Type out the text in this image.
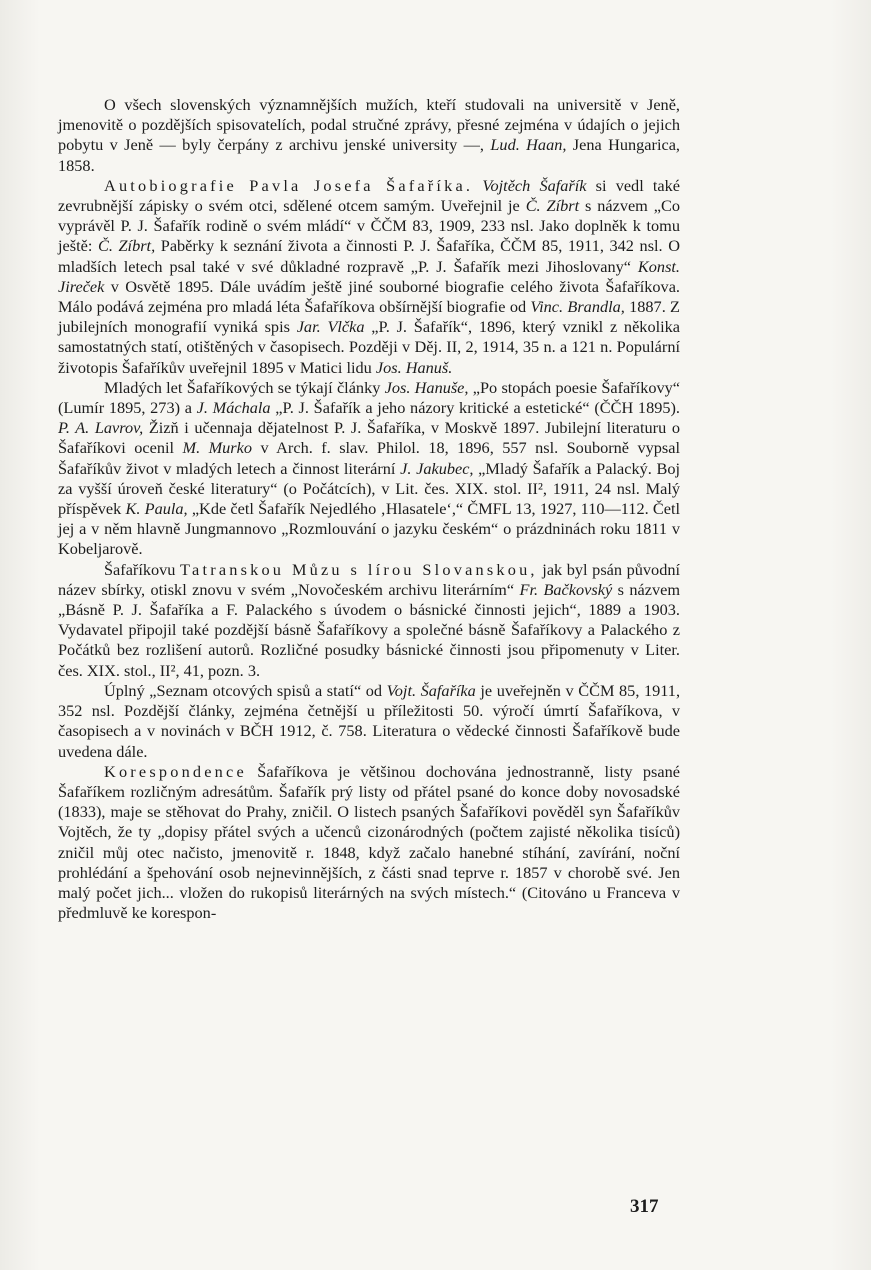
O všech slovenských významnějších mužích, kteří studovali na universitě v Jeně, jmenovitě o pozdějších spisovatelích, podal stručné zprávy, přesné zejména v údajích o jejich pobytu v Jeně — byly čerpány z archivu jenské university —, Lud. Haan, Jena Hungarica, 1858.

Autobiografie Pavla Josefa Šafaříka. Vojtěch Šafařík si vedl také zevrubnější zápisky o svém otci, sdělené otcem samým. Uveřejnil je Č. Zíbrt s názvem „Co vyprávěl P. J. Šafařík rodině o svém mládí“ v ČČM 83, 1909, 233 nsl. Jako doplněk k tomu ještě: Č. Zíbrt, Paběrky k seznání života a činnosti P. J. Šafaříka, ČČM 85, 1911, 342 nsl. O mladších letech psal také v své důkladné rozpravě „P. J. Šafařík mezi Jihoslovany“ Konst. Jireček v Osvětě 1895. Dále uvádím ještě jiné souborné biografie celého života Šafaříkova. Málo podává zejména pro mladá léta Šafaříkova obšírnější biografie od Vinc. Brandla, 1887. Z jubilejních monografií vyniká spis Jar. Vlčka „P. J. Šafařík“, 1896, který vznikl z několika samostatných statí, otištěných v časopisech. Později v Děj. II, 2, 1914, 35 n. a 121 n. Populární životopis Šafaříkův uveřejnil 1895 v Matici lidu Jos. Hanuš.

Mladých let Šafaříkových se týkají články Jos. Hanuše, „Po stopách poesie Šafaříkovy“ (Lumír 1895, 273) a J. Máchala „P. J. Šafařík a jeho názory kritické a estetické“ (ČČH 1895). P. A. Lavrov, Žizň i učennaja dějatelnost P. J. Šafaříka, v Moskvě 1897. Jubilejní literaturu o Šafaříkovi ocenil M. Murko v Arch. f. slav. Philol. 18, 1896, 557 nsl. Souborně vypsal Šafaříkův život v mladých letech a činnost literární J. Jakubec, „Mladý Šafařík a Palacký. Boj za vyšší úroveň české literatury“ (o Počátcích), v Lit. čes. XIX. stol. II², 1911, 24 nsl. Malý příspěvek K. Paula, „Kde četl Šafařík Nejedlého ‚Hlasatele‘,“ ČMFL 13, 1927, 110—112. Četl jej a v něm hlavně Jungmannovo „Rozmlouvání o jazyku českém“ o prázdninách roku 1811 v Kobeljarově.

Šafaříkovu Tatranskou Můzu s lírou Slovanskou, jak byl psán původní název sbírky, otiskl znovu v svém „Novočeském archivu literárním“ Fr. Bačkovský s názvem „Básně P. J. Šafaříka a F. Palackého s úvodem o básnické činnosti jejich“, 1889 a 1903. Vydavatel připojil také pozdější básně Šafaříkovy a společné básně Šafaříkovy a Palackého z Počátků bez rozlišení autorů. Rozličné posudky básnické činnosti jsou připomenuty v Liter. čes. XIX. stol., II², 41, pozn. 3.

Úplný „Seznam otcových spisů a statí“ od Vojt. Šafaříka je uveřejněn v ČČM 85, 1911, 352 nsl. Pozdější články, zejména četnější u příležitosti 50. výročí úmrtí Šafaříkova, v časopisech a v novinách v BČH 1912, č. 758. Literatura o vědecké činnosti Šafaříkově bude uvedena dále.

Korespondence Šafaříkova je většinou dochována jednostranně, listy psané Šafaříkem rozličným adresátům. Šafařík prý listy od přátel psané do konce doby novosadské (1833), maje se stěhovat do Prahy, zničil. O listech psaných Šafaříkovi pověděl syn Šafaříkův Vojtěch, že ty „dopisy přátel svých a učenců cizonárodných (počtem zajisté několika tisíců) zničil můj otec načisto, jmenovitě r. 1848, když začalo hanebné stíhání, zavírání, noční prohlédání a špehování osob nejnevinnějších, z části snad teprve r. 1857 v chorobě své. Jen malý počet jich... vložen do rukopisů literárných na svých místech.“ (Citováno u Franceva v předmluvě ke korespon-

317
